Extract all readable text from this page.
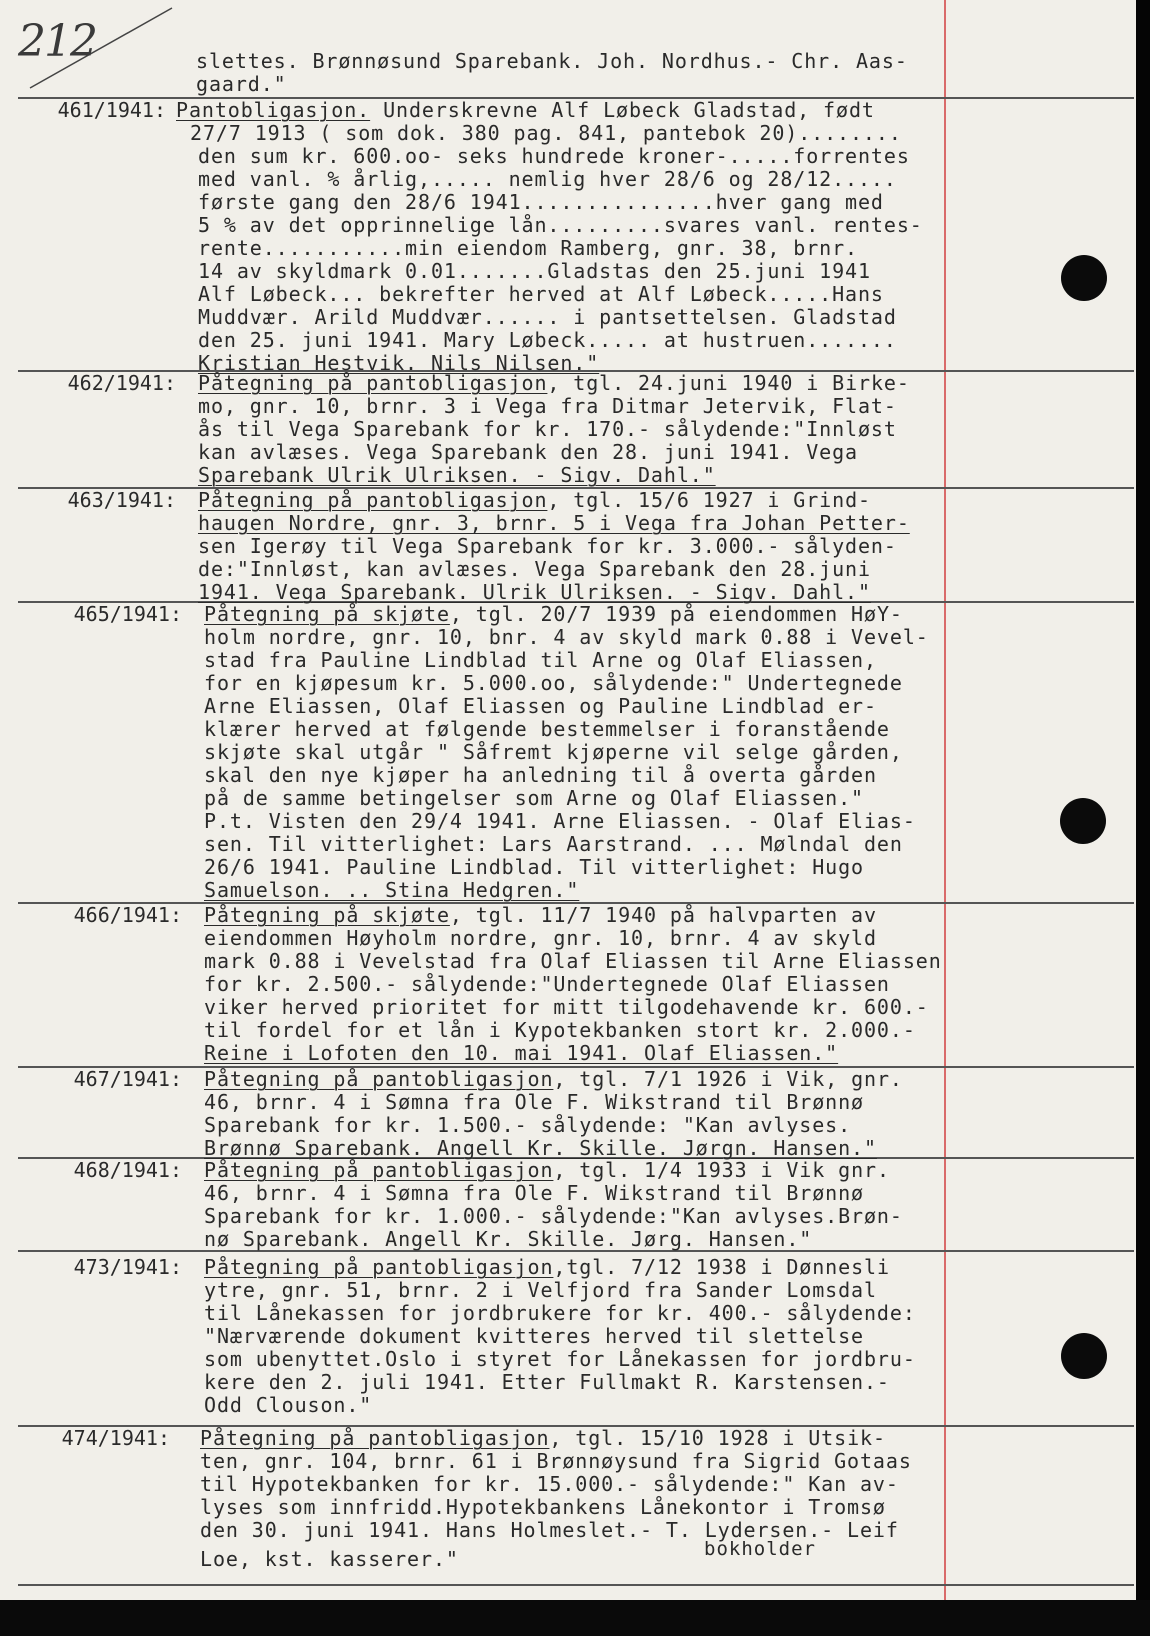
212	slettes. Brønnøsund Sparebank. Joh. Nordhus.- Chr. Aas-
gaard."
461/1941: Pantobligasjon. Underskrevne Alf Løbeck Gladstad, født
27/7 1913 ( som dok. 380 pag. 841, pantebok 20)........
den sum kr. 600.oo- seks hundrede kroner-.....forrentes
med vanl. % årlig,..... nemlig hver 28/6 og 28/12.....
første gang den 28/6 1941...............hver gang med
5 % av det opprinnelige lån.........svares vanl. rentes-
rente...........min eiendom Ramberg, gnr. 38, brnr.
14 av skyldmark 0.01.......Gladstas den 25.juni 1941
Alf Løbeck... bekrefter herved at Alf Løbeck.....Hans
Muddvær. Arild Muddvær...... i pantsettelsen. Gladstad
den 25. juni 1941. Mary Løbeck..... at hustruen.......
Kristian Hestvik. Nils Nilsen."
462/1941: Påtegning på pantobligasjon, tgl. 24.juni 1940 i Birke-
mo, gnr. 10, brnr. 3 i Vega fra Ditmar Jetervik, Flat-
ås til Vega Sparebank for kr. 170.- sålydende:"Innløst
kan avlæses. Vega Sparebank den 28. juni 1941. Vega
Sparebank Ulrik Ulriksen. - Sigv. Dahl."
463/1941: Påtegning på pantobligasjon, tgl. 15/6 1927 i Grind-
haugen Nordre, gnr. 3, brnr. 5 i Vega fra Johan Petter-
sen Igerøy til Vega Sparebank for kr. 3.000.- sålyden-
de:"Innløst, kan avlæses. Vega Sparebank den 28.juni
1941. Vega Sparebank. Ulrik Ulriksen. - Sigv. Dahl."
465/1941: Påtegning på skjøte, tgl. 20/7 1939 på eiendommen HøY-
holm nordre, gnr. 10, bnr. 4 av skyld mark 0.88 i Vevel-
stad fra Pauline Lindblad til Arne og Olaf Eliassen,
for en kjøpesum kr. 5.000.oo, sålydende:" Undertegnede
Arne Eliassen, Olaf Eliassen og Pauline Lindblad er-
klærer herved at følgende bestemmelser i foranstående
skjøte skal utgår " Såfremt kjøperne vil selge gården,
skal den nye kjøper ha anledning til å overta gården
på de samme betingelser som Arne og Olaf Eliassen."
P.t. Visten den 29/4 1941. Arne Eliassen. - Olaf Elias-
sen. Til vitterlighet: Lars Aarstrand. ... Mølndal den
26/6 1941. Pauline Lindblad. Til vitterlighet: Hugo
Samuelson. .. Stina Hedgren."
466/1941: Påtegning på skjøte, tgl. 11/7 1940 på halvparten av
eiendommen Høyholm nordre, gnr. 10, brnr. 4 av skyld
mark 0.88 i Vevelstad fra Olaf Eliassen til Arne Eliassen
for kr. 2.500.- sålydende:"Undertegnede Olaf Eliassen
viker herved prioritet for mitt tilgodehavende kr. 600.-
til fordel for et lån i Kypotekbanken stort kr. 2.000.-
Reine i Lofoten den 10. mai 1941. Olaf Eliassen."
467/1941: Påtegning på pantobligasjon, tgl. 7/1 1926 i Vik, gnr.
46, brnr. 4 i Sømna fra Ole F. Wikstrand til Brønnø
Sparebank for kr. 1.500.- sålydende: "Kan avlyses.
Brønnø Sparebank. Angell Kr. Skille. Jørgn. Hansen."
468/1941: Påtegning på pantobligasjon, tgl. 1/4 1933 i Vik gnr.
46, brnr. 4 i Sømna fra Ole F. Wikstrand til Brønnø
Sparebank for kr. 1.000.- sålydende:"Kan avlyses.Brøn-
nø Sparebank. Angell Kr. Skille. Jørg. Hansen."
473/1941: Påtegning på pantobligasjon,tgl. 7/12 1938 i Dønnesli
ytre, gnr. 51, brnr. 2 i Velfjord fra Sander Lomsdal
til Lånekassen for jordbrukere for kr. 400.- sålydende:
"Nærværende dokument kvitteres herved til slettelse
som ubenyttet.Oslo i styret for Lånekassen for jordbru-
kere den 2. juli 1941. Etter Fullmakt R. Karstensen.-
Odd Clouson."
474/1941: Påtegning på pantobligasjon, tgl. 15/10 1928 i Utsik-
ten, gnr. 104, brnr. 61 i Brønnøysund fra Sigrid Gotaas
til Hypotekbanken for kr. 15.000.- sålydende:" Kan av-
lyses som innfridd.Hypotekbankens Lånekontor i Tromsø
den 30. juni 1941. Hans Holmeslet.- T. Lydersen.- Leif
Loe, kst. kasserer."	bokholder
